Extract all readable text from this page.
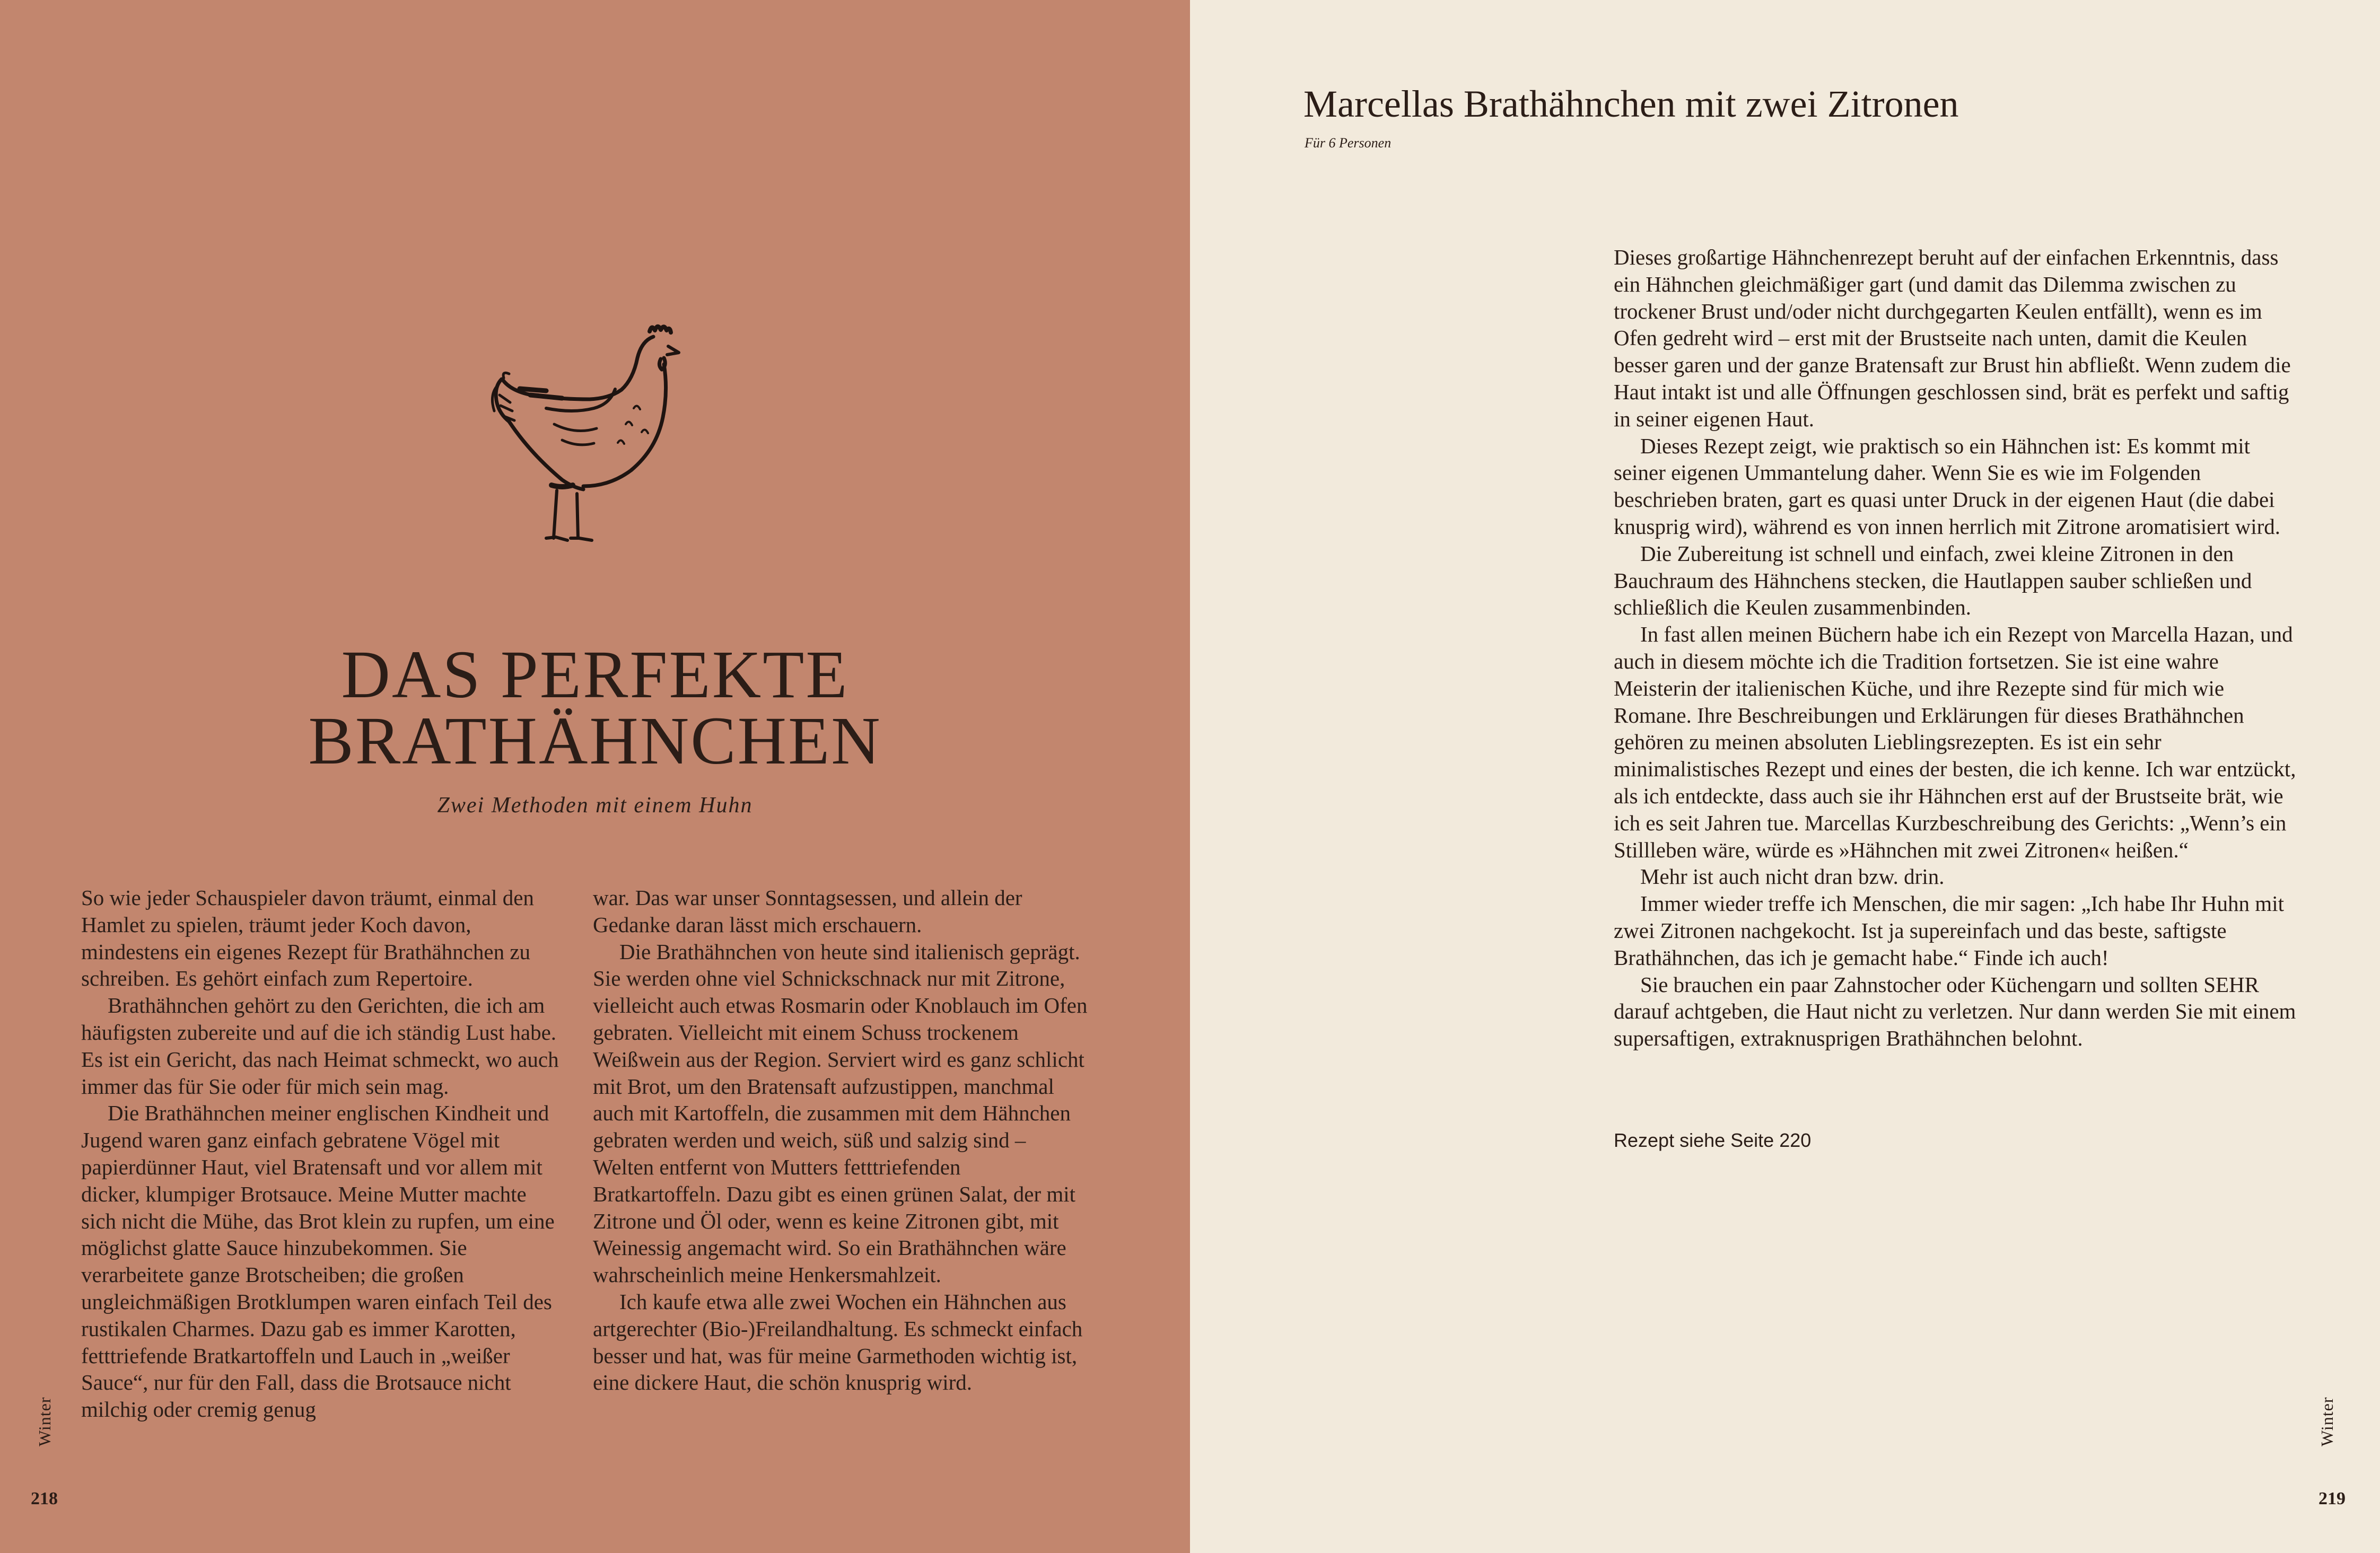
DAS PERFEKTE
BRATHÄHNCHEN
Zwei Methoden mit einem Huhn

So wie jeder Schauspieler davon träumt, einmal den Hamlet zu spielen, träumt jeder Koch davon, mindestens ein eigenes Rezept für Brathähnchen zu schreiben. Es gehört einfach zum Repertoire.

Brathähnchen gehört zu den Gerichten, die ich am häufigsten zubereite und auf die ich ständig Lust habe. Es ist ein Gericht, das nach Heimat schmeckt, wo auch immer das für Sie oder für mich sein mag.

Die Brathähnchen meiner englischen Kindheit und Jugend waren ganz einfach gebratene Vögel mit papierdünner Haut, viel Bratensaft und vor allem mit dicker, klumpiger Brotsauce. Meine Mutter machte sich nicht die Mühe, das Brot klein zu rupfen, um eine möglichst glatte Sauce hinzubekommen. Sie verarbeitete ganze Brotscheiben; die großen ungleichmäßigen Brotklumpen waren einfach Teil des rustikalen Charmes. Dazu gab es immer Karotten, fetttriefende Bratkartoffeln und Lauch in „weißer Sauce“, nur für den Fall, dass die Brotsauce nicht milchig oder cremig genug

war. Das war unser Sonntagsessen, und allein der Gedanke daran lässt mich erschauern.

Die Brathähnchen von heute sind italienisch geprägt. Sie werden ohne viel Schnickschnack nur mit Zitrone, vielleicht auch etwas Rosmarin oder Knoblauch im Ofen gebraten. Vielleicht mit einem Schuss trockenem Weißwein aus der Region. Serviert wird es ganz schlicht mit Brot, um den Bratensaft aufzustippen, manchmal auch mit Kartoffeln, die zusammen mit dem Hähnchen gebraten werden und weich, süß und salzig sind – Welten entfernt von Mutters fetttriefenden Bratkartoffeln. Dazu gibt es einen grünen Salat, der mit Zitrone und Öl oder, wenn es keine Zitronen gibt, mit Weinessig angemacht wird. So ein Brathähnchen wäre wahrscheinlich meine Henkersmahlzeit.

Ich kaufe etwa alle zwei Wochen ein Hähnchen aus artgerechter (Bio-)Freilandhaltung. Es schmeckt einfach besser und hat, was für meine Garmethoden wichtig ist, eine dickere Haut, die schön knusprig wird.

Winter
218
Marcellas Brathähnchen mit zwei Zitronen
Für 6 Personen

Dieses großartige Hähnchenrezept beruht auf der einfachen Erkenntnis, dass ein Hähnchen gleichmäßiger gart (und damit das Dilemma zwischen zu trockener Brust und/oder nicht durchgegarten Keulen entfällt), wenn es im Ofen gedreht wird – erst mit der Brustseite nach unten, damit die Keulen besser garen und der ganze Bratensaft zur Brust hin abfließt. Wenn zudem die Haut intakt ist und alle Öffnungen geschlossen sind, brät es perfekt und saftig in seiner eigenen Haut.

Dieses Rezept zeigt, wie praktisch so ein Hähnchen ist: Es kommt mit seiner eigenen Ummantelung daher. Wenn Sie es wie im Folgenden beschrieben braten, gart es quasi unter Druck in der eigenen Haut (die dabei knusprig wird), während es von innen herrlich mit Zitrone aromatisiert wird.

Die Zubereitung ist schnell und einfach, zwei kleine Zitronen in den Bauchraum des Hähnchens stecken, die Hautlappen sauber schließen und schließlich die Keulen zusammenbinden.

In fast allen meinen Büchern habe ich ein Rezept von Marcella Hazan, und auch in diesem möchte ich die Tradition fortsetzen. Sie ist eine wahre Meisterin der italienischen Küche, und ihre Rezepte sind für mich wie Romane. Ihre Beschreibungen und Erklärungen für dieses Brathähnchen gehören zu meinen absoluten Lieblingsrezepten. Es ist ein sehr minimalistisches Rezept und eines der besten, die ich kenne. Ich war entzückt, als ich entdeckte, dass auch sie ihr Hähnchen erst auf der Brustseite brät, wie ich es seit Jahren tue. Marcellas Kurzbeschreibung des Gerichts: „Wenn’s ein Stillleben wäre, würde es »Hähnchen mit zwei Zitronen« heißen.“

Mehr ist auch nicht dran bzw. drin.

Immer wieder treffe ich Menschen, die mir sagen: „Ich habe Ihr Huhn mit zwei Zitronen nachgekocht. Ist ja supereinfach und das beste, saftigste Brathähnchen, das ich je gemacht habe.“ Finde ich auch!

Sie brauchen ein paar Zahnstocher oder Küchengarn und sollten SEHR darauf achtgeben, die Haut nicht zu verletzen. Nur dann werden Sie mit einem supersaftigen, extraknusprigen Brathähnchen belohnt.

Rezept siehe Seite 220
Winter
219
